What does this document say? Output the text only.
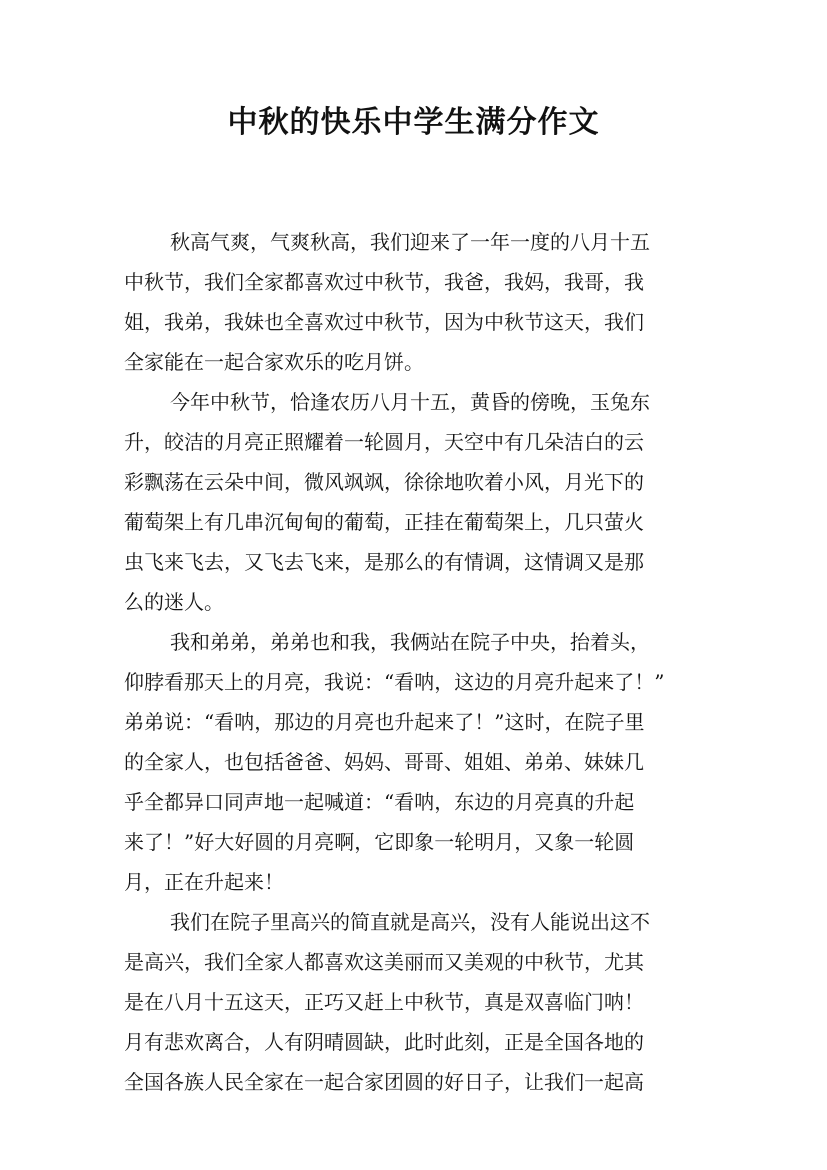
中秋的快乐中学生满分作文
秋高气爽，气爽秋高，我们迎来了一年一度的八月十五
中秋节，我们全家都喜欢过中秋节，我爸，我妈，我哥，我
姐，我弟，我妹也全喜欢过中秋节，因为中秋节这天，我们
全家能在一起合家欢乐的吃月饼。
今年中秋节，恰逢农历八月十五，黄昏的傍晚，玉兔东
升，皎洁的月亮正照耀着一轮圆月，天空中有几朵洁白的云
彩飘荡在云朵中间，微风飒飒，徐徐地吹着小风，月光下的
葡萄架上有几串沉甸甸的葡萄，正挂在葡萄架上，几只萤火
虫飞来飞去，又飞去飞来，是那么的有情调，这情调又是那
么的迷人。
我和弟弟，弟弟也和我，我俩站在院子中央，抬着头，
仰脖看那天上的月亮，我说：“看呐，这边的月亮升起来了！”
弟弟说：“看呐，那边的月亮也升起来了！”这时，在院子里
的全家人，也包括爸爸、妈妈、哥哥、姐姐、弟弟、妹妹几
乎全都异口同声地一起喊道：“看呐，东边的月亮真的升起
来了！”好大好圆的月亮啊，它即象一轮明月，又象一轮圆
月，正在升起来！
我们在院子里高兴的简直就是高兴，没有人能说出这不
是高兴，我们全家人都喜欢这美丽而又美观的中秋节，尤其
是在八月十五这天，正巧又赶上中秋节，真是双喜临门呐！
月有悲欢离合，人有阴晴圆缺，此时此刻，正是全国各地的
全国各族人民全家在一起合家团圆的好日子，让我们一起高
